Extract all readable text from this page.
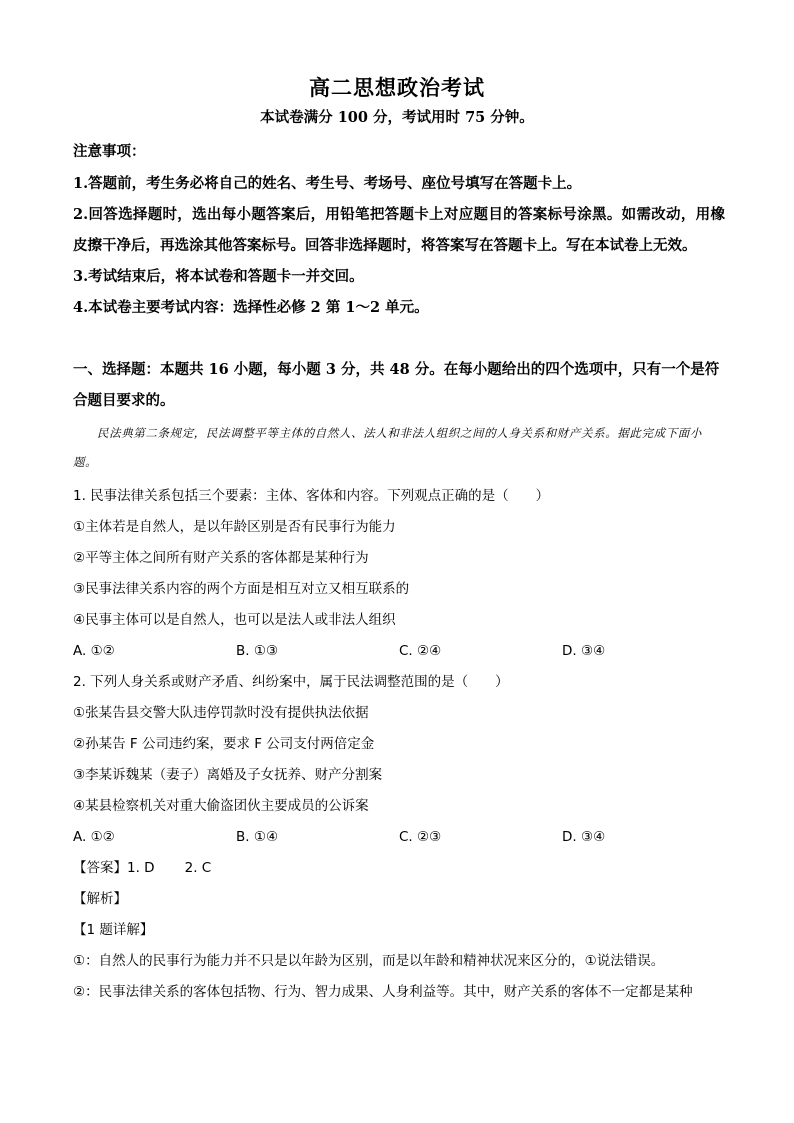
高二思想政治考试
本试卷满分 100 分，考试用时 75 分钟。
注意事项：

1.答题前，考生务必将自己的姓名、考生号、考场号、座位号填写在答题卡上。

2.回答选择题时，选出每小题答案后，用铅笔把答题卡上对应题目的答案标号涂黑。如需改动，用橡皮擦干净后，再选涂其他答案标号。回答非选择题时，将答案写在答题卡上。写在本试卷上无效。

3.考试结束后，将本试卷和答题卡一并交回。

4.本试卷主要考试内容：选择性必修 2 第 1～2 单元。

一、选择题：本题共 16 小题，每小题 3 分，共 48 分。在每小题给出的四个选项中，只有一个是符合题目要求的。

民法典第二条规定，民法调整平等主体的自然人、法人和非法人组织之间的人身关系和财产关系。据此完成下面小题。

1. 民事法律关系包括三个要素：主体、客体和内容。下列观点正确的是（　　）

①主体若是自然人，是以年龄区别是否有民事行为能力

②平等主体之间所有财产关系的客体都是某种行为

③民事法律关系内容的两个方面是相互对立又相互联系的

④民事主体可以是自然人，也可以是法人或非法人组织

A. ①②	B. ①③	C. ②④	D. ③④

2. 下列人身关系或财产矛盾、纠纷案中，属于民法调整范围的是（　　）

①张某告县交警大队违停罚款时没有提供执法依据

②孙某告 F 公司违约案，要求 F 公司支付两倍定金

③李某诉魏某（妻子）离婚及子女抚养、财产分割案

④某县检察机关对重大偷盗团伙主要成员的公诉案

A. ①②	B. ①④	C. ②③	D. ③④

【答案】1. D 2. C

【解析】

【1 题详解】

①：自然人的民事行为能力并不只是以年龄为区别，而是以年龄和精神状况来区分的，①说法错误。

②：民事法律关系的客体包括物、行为、智力成果、人身利益等。其中，财产关系的客体不一定都是某种
